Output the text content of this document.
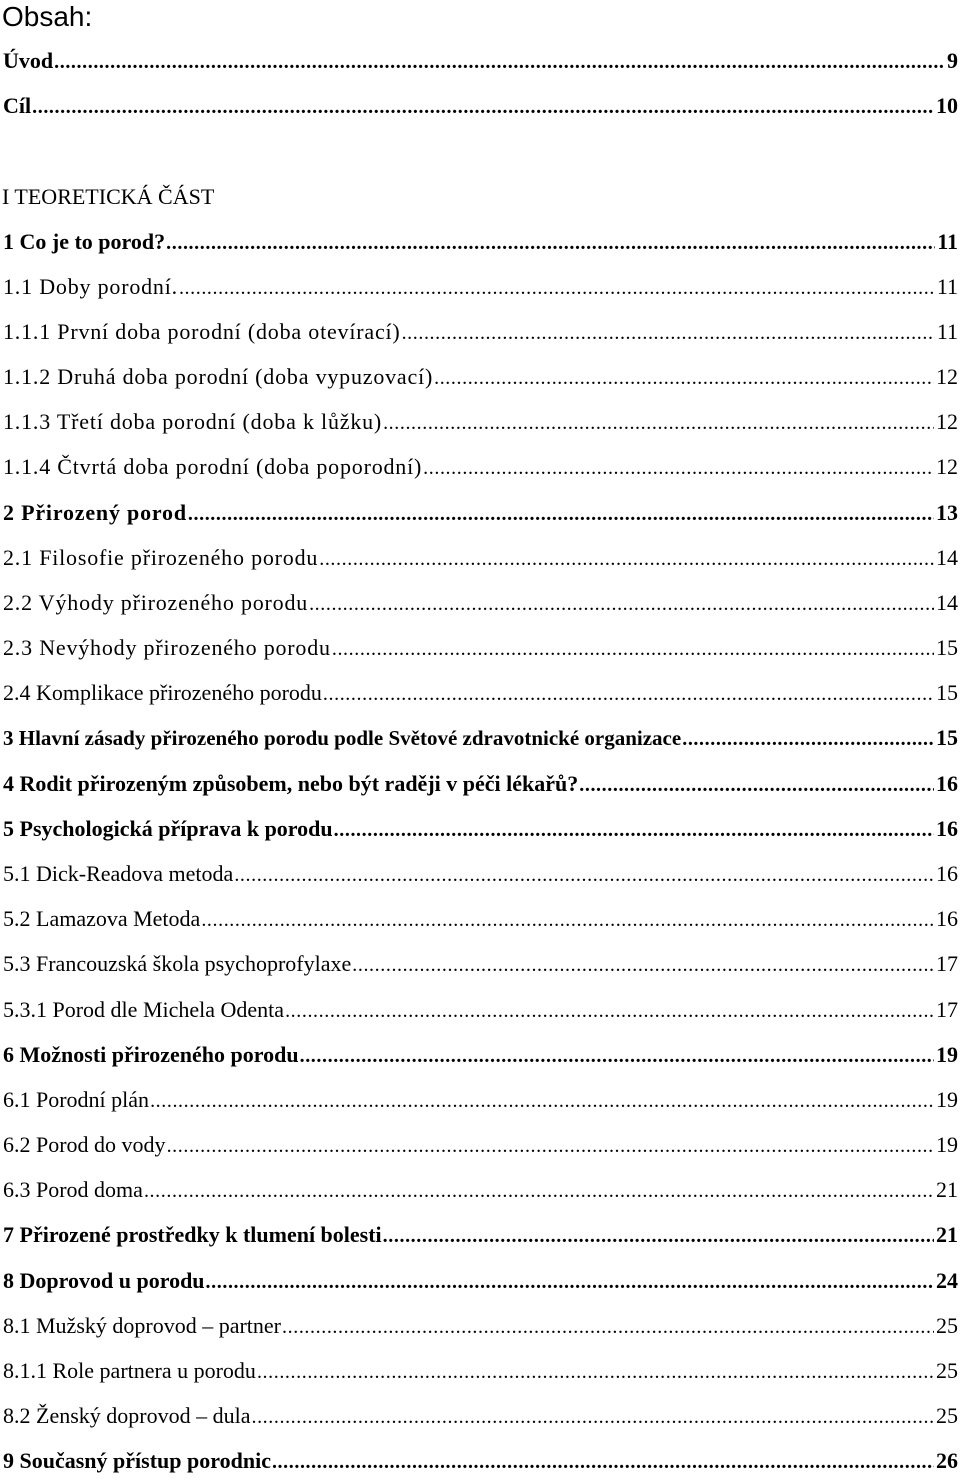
Obsah:
I TEORETICKÁ ČÁST
Úvod .....	9
Cíl .....	10
1 Co je to porod? .....	11
1.1 Doby porodní. .....	11
1.1.1 První doba porodní (doba otevírací) .....	11
1.1.2 Druhá doba porodní (doba vypuzovací) .....	12
1.1.3 Třetí doba porodní (doba k lůžku) .....	12
1.1.4 Čtvrtá doba porodní (doba poporodní) .....	12
2 Přirozený porod .....	13
2.1 Filosofie přirozeného porodu .....	14
2.2 Výhody přirozeného porodu .....	14
2.3 Nevýhody přirozeného porodu .....	15
2.4 Komplikace přirozeného porodu .....	15
3 Hlavní zásady přirozeného porodu podle Světové zdravotnické organizace .....	15
4 Rodit přirozeným způsobem, nebo být raději v péči lékařů? .....	16
5 Psychologická příprava k porodu .....	16
5.1 Dick-Readova metoda .....	16
5.2 Lamazova Metoda .....	16
5.3 Francouzská škola psychoprofylaxe .....	17
5.3.1 Porod dle Michela Odenta .....	17
6 Možnosti přirozeného porodu .....	19
6.1 Porodní plán .....	19
6.2 Porod do vody .....	19
6.3 Porod doma .....	21
7 Přirozené prostředky k tlumení bolesti .....	21
8 Doprovod u porodu .....	24
8.1 Mužský doprovod – partner .....	25
8.1.1 Role partnera u porodu .....	25
8.2 Ženský doprovod – dula .....	25
9 Současný přístup porodnic .....	26
